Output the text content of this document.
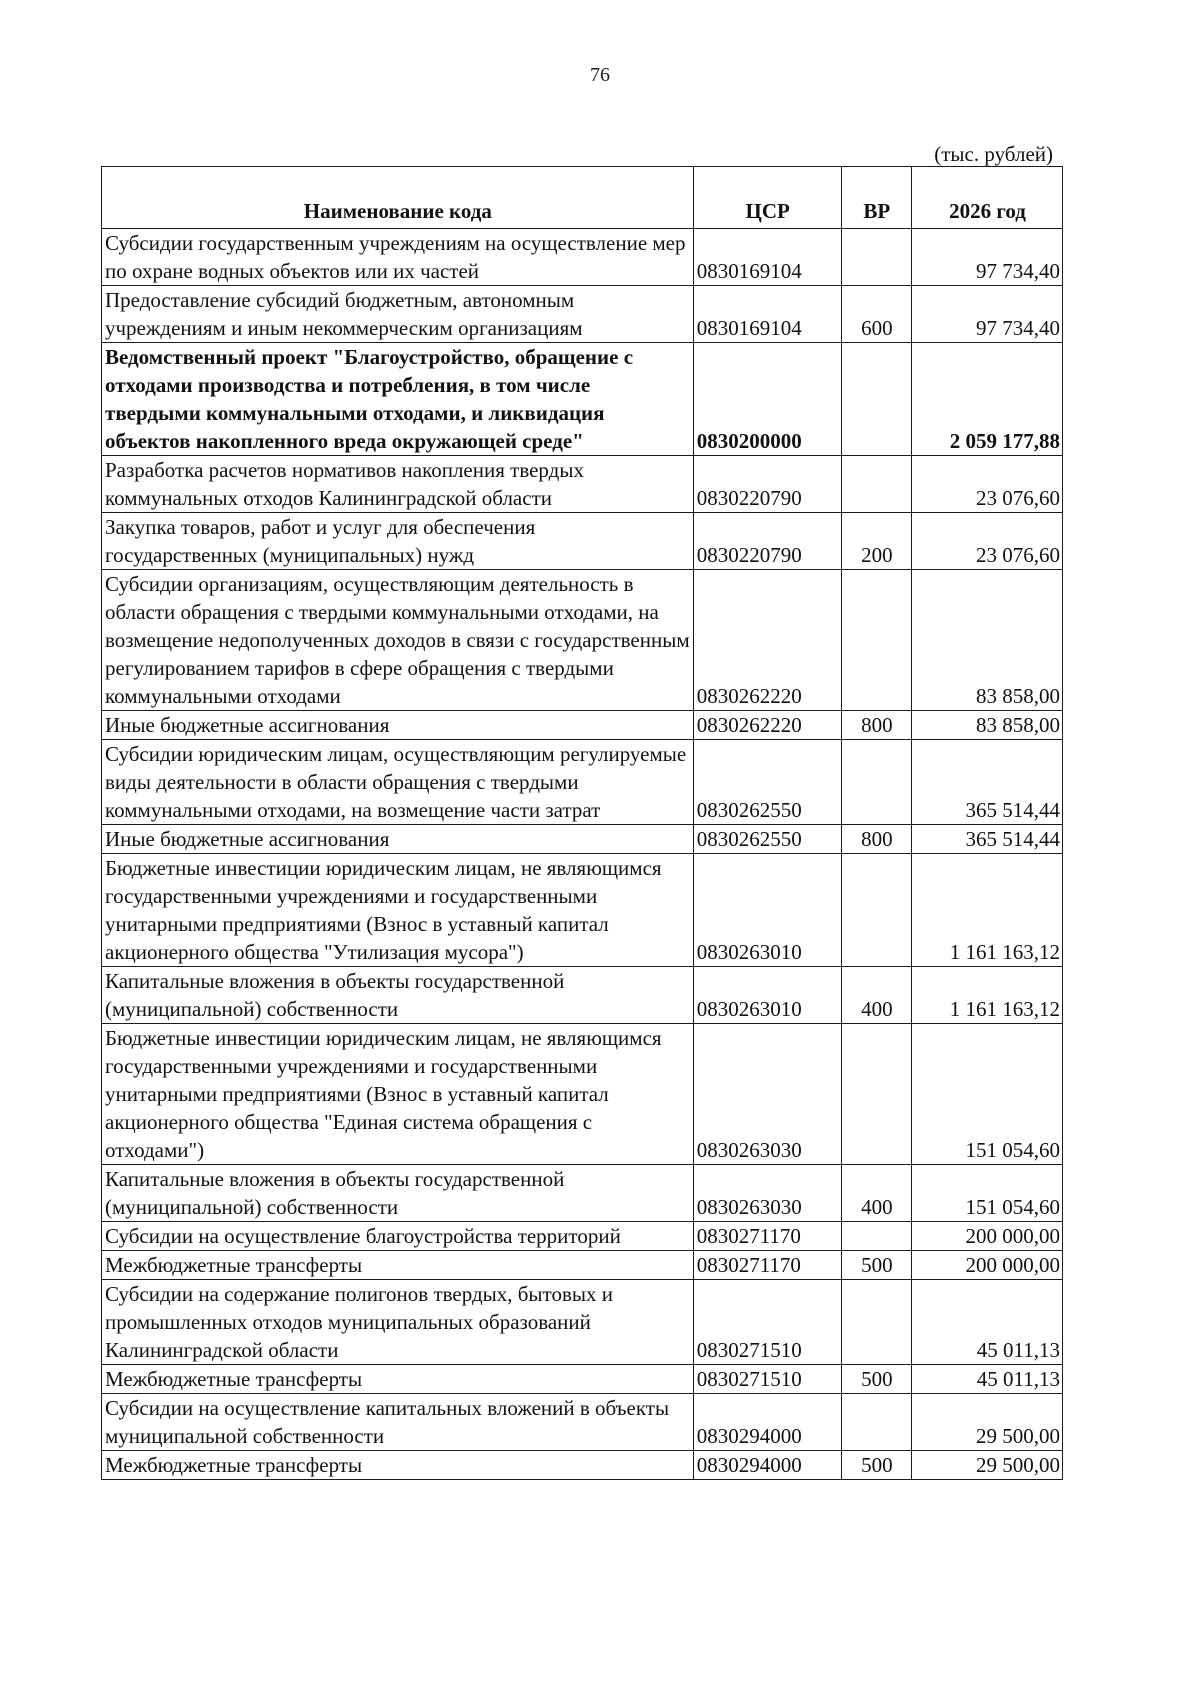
76
(тыс. рублей)
Наименование кода	ЦСР	ВР	2026 год
Субсидии государственным учреждениям на осуществление мер по охране водных объектов или их частей	0830169104		97 734,40
Предоставление субсидий бюджетным, автономным учреждениям и иным некоммерческим организациям	0830169104	600	97 734,40
Ведомственный проект "Благоустройство, обращение с отходами производства и потребления, в том числе твердыми коммунальными отходами, и ликвидация объектов накопленного вреда окружающей среде"	0830200000		2 059 177,88
Разработка расчетов нормативов накопления твердых коммунальных отходов Калининградской области	0830220790		23 076,60
Закупка товаров, работ и услуг для обеспечения государственных (муниципальных) нужд	0830220790	200	23 076,60
Субсидии организациям, осуществляющим деятельность в области обращения с твердыми коммунальными отходами, на возмещение недополученных доходов в связи с государственным регулированием тарифов в сфере обращения с твердыми коммунальными отходами	0830262220		83 858,00
Иные бюджетные ассигнования	0830262220	800	83 858,00
Субсидии юридическим лицам, осуществляющим регулируемые виды деятельности в области обращения с твердыми коммунальными отходами, на возмещение части затрат	0830262550		365 514,44
Иные бюджетные ассигнования	0830262550	800	365 514,44
Бюджетные инвестиции юридическим лицам, не являющимся государственными учреждениями и государственными унитарными предприятиями (Взнос в уставный капитал акционерного общества "Утилизация мусора")	0830263010		1 161 163,12
Капитальные вложения в объекты государственной (муниципальной) собственности	0830263010	400	1 161 163,12
Бюджетные инвестиции юридическим лицам, не являющимся государственными учреждениями и государственными унитарными предприятиями (Взнос в уставный капитал акционерного общества "Единая система обращения с отходами")	0830263030		151 054,60
Капитальные вложения в объекты государственной (муниципальной) собственности	0830263030	400	151 054,60
Субсидии на осуществление благоустройства территорий	0830271170		200 000,00
Межбюджетные трансферты	0830271170	500	200 000,00
Субсидии на содержание полигонов твердых, бытовых и промышленных отходов муниципальных образований Калининградской области	0830271510		45 011,13
Межбюджетные трансферты	0830271510	500	45 011,13
Субсидии на осуществление капитальных вложений в объекты муниципальной собственности	0830294000		29 500,00
Межбюджетные трансферты	0830294000	500	29 500,00
